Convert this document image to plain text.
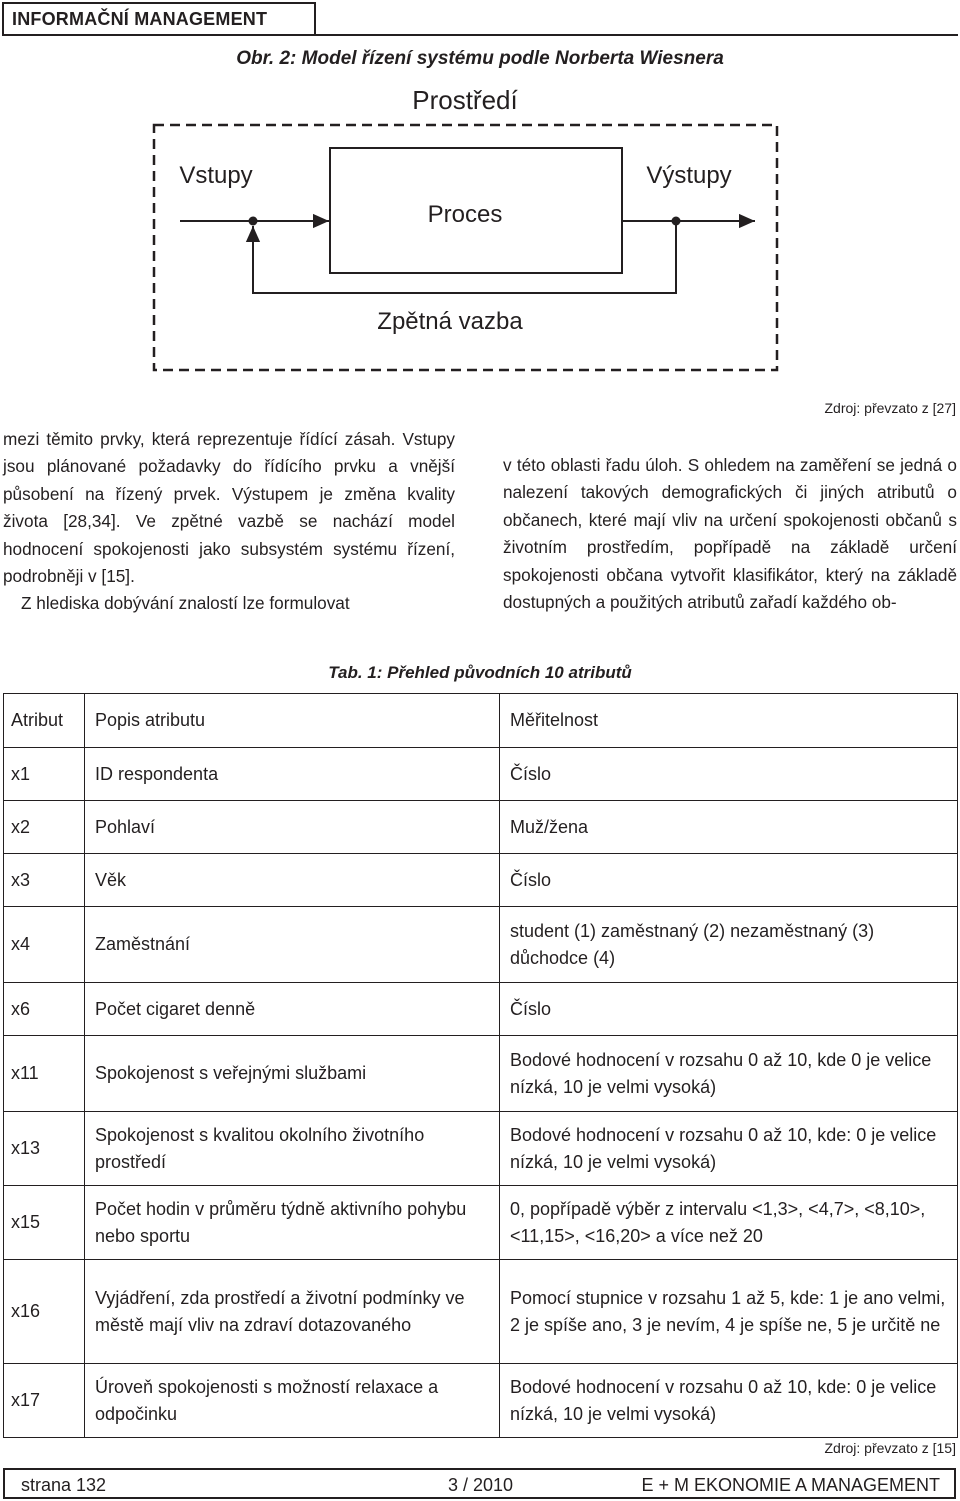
INFORMAČNÍ MANAGEMENT
Obr. 2: Model řízení systému podle Norberta Wiesnera
Prostředí
Vstupy	Výstupy
Proces
Zpětná vazba
Zdroj: převzato z [27]

mezi těmito prvky, která reprezentuje řídící zásah. Vstupy jsou plánované požadavky do řídícího prvku a vnější působení na řízený prvek. Výstupem je změna kvality života [28,34]. Ve zpětné vazbě se nachází model hodnocení spokojenosti jako subsystém systému řízení, podrobněji v [15].

Z hlediska dobývání znalostí lze formulovat

v této oblasti řadu úloh. S ohledem na zaměření se jedná o nalezení takových demografických či jiných atributů o občanech, které mají vliv na určení spokojenosti občanů s životním prostředím, popřípadě na základě určení spokojenosti občana vytvořit klasifikátor, který na základě dostupných a použitých atributů zařadí každého ob-

Tab. 1: Přehled původních 10 atributů
Atribut	Popis atributu	Měřitelnost
x1	ID respondenta	Číslo
x2	Pohlaví	Muž/žena
x3	Věk	Číslo
x4	Zaměstnání	student (1) zaměstnaný (2) nezaměstnaný (3) důchodce (4)
x6	Počet cigaret denně	Číslo
x11	Spokojenost s veřejnými službami	Bodové hodnocení v rozsahu 0 až 10, kde 0 je velice nízká, 10 je velmi vysoká)
x13	Spokojenost s kvalitou okolního životního prostředí	Bodové hodnocení v rozsahu 0 až 10, kde: 0 je velice nízká, 10 je velmi vysoká)
x15	Počet hodin v průměru týdně aktivního pohybu nebo sportu	0, popřípadě výběr z intervalu <1,3>, <4,7>, <8,10>, <11,15>, <16,20> a více než 20
x16	Vyjádření, zda prostředí a životní podmínky ve městě mají vliv na zdraví dotazovaného	Pomocí stupnice v rozsahu 1 až 5, kde: 1 je ano velmi, 2 je spíše ano, 3 je nevím, 4 je spíše ne, 5 je určitě ne
x17	Úroveň spokojenosti s možností relaxace a odpočinku	Bodové hodnocení v rozsahu 0 až 10, kde: 0 je velice nízká, 10 je velmi vysoká)
Zdroj: převzato z [15]
strana 132	3 / 2010	E + M EKONOMIE A MANAGEMENT
